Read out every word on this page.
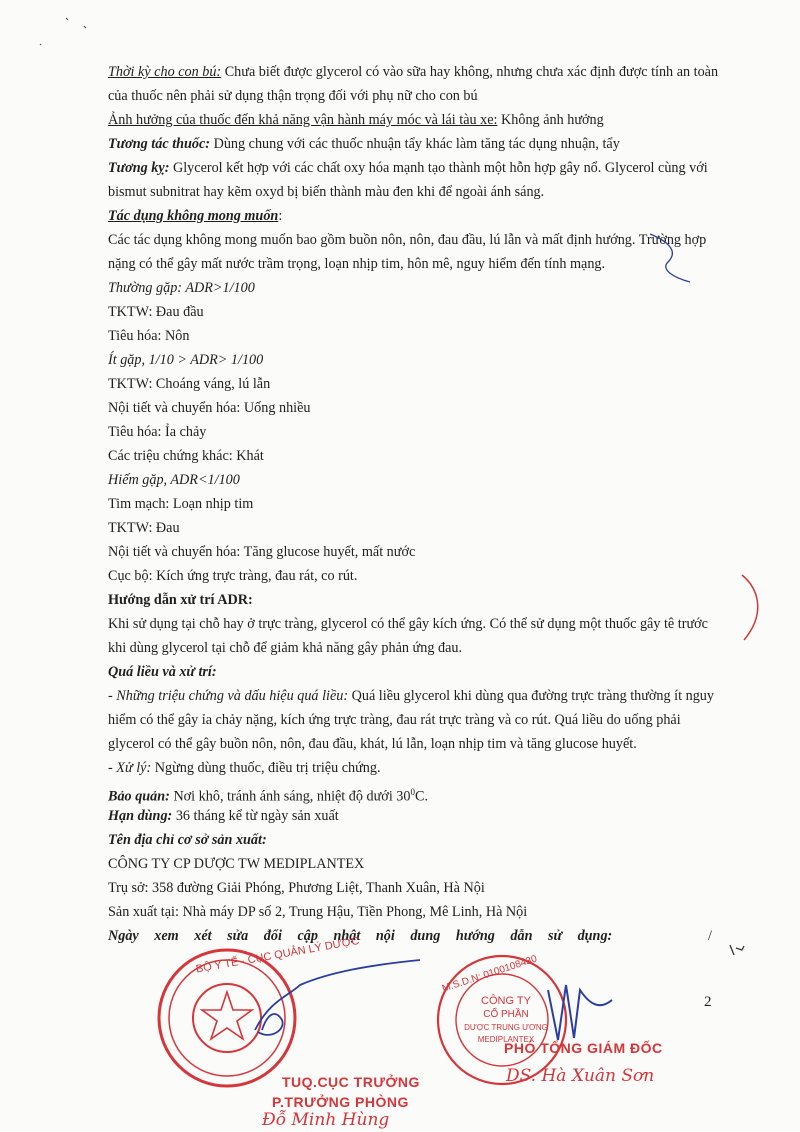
Thời kỳ cho con bú: Chưa biết được glycerol có vào sữa hay không, nhưng chưa xác định được tính an toàn
của thuốc nên phải sử dụng thận trọng đối với phụ nữ cho con bú
Ảnh hưởng của thuốc đến khả năng vận hành máy móc và lái tàu xe: Không ảnh hưởng
Tương tác thuốc: Dùng chung với các thuốc nhuận tẩy khác làm tăng tác dụng nhuận, tẩy
Tương kỵ: Glycerol kết hợp với các chất oxy hóa mạnh tạo thành một hỗn hợp gây nổ. Glycerol cùng với
bismut subnitrat hay kẽm oxyd bị biến thành màu đen khi để ngoài ánh sáng.
Tác dụng không mong muốn:
Các tác dụng không mong muốn bao gồm buồn nôn, nôn, đau đầu, lú lẫn và mất định hướng. Trường hợp
nặng có thể gây mất nước trầm trọng, loạn nhịp tim, hôn mê, nguy hiểm đến tính mạng.
Thường gặp: ADR>1/100
TKTW: Đau đầu
Tiêu hóa: Nôn
Ít gặp, 1/10 > ADR> 1/100
TKTW: Choáng váng, lú lẫn
Nội tiết và chuyển hóa: Uống nhiều
Tiêu hóa: Ỉa chảy
Các triệu chứng khác: Khát
Hiếm gặp, ADR<1/100
Tim mạch: Loạn nhịp tim
TKTW: Đau
Nội tiết và chuyển hóa: Tăng glucose huyết, mất nước
Cục bộ: Kích ứng trực tràng, đau rát, co rút.
Hướng dẫn xử trí ADR:
Khi sử dụng tại chỗ hay ở trực tràng, glycerol có thể gây kích ứng. Có thể sử dụng một thuốc gây tê trước
khi dùng glycerol tại chỗ để giảm khả năng gây phản ứng đau.
Quá liều và xử trí:
- Những triệu chứng và dấu hiệu quá liều: Quá liều glycerol khi dùng qua đường trực tràng thường ít nguy
hiểm có thể gây ỉa chảy nặng, kích ứng trực tràng, đau rát trực tràng và co rút. Quá liều do uống phải
glycerol có thể gây buồn nôn, nôn, đau đầu, khát, lú lẫn, loạn nhịp tim và tăng glucose huyết.
- Xử lý: Ngừng dùng thuốc, điều trị triệu chứng.
Bảo quản: Nơi khô, tránh ánh sáng, nhiệt độ dưới $30^0C$.
Hạn dùng: 36 tháng kể từ ngày sản xuất
Tên địa chỉ cơ sở sản xuất:
CÔNG TY CP DƯỢC TW MEDIPLANTEX
Trụ sở: 358 đường Giải Phóng, Phương Liệt, Thanh Xuân, Hà Nội
Sản xuất tại: Nhà máy DP số 2, Trung Hậu, Tiền Phong, Mê Linh, Hà Nội
Ngày xem xét sửa đổi cập nhật nội dung hướng dẫn sử dụng:	/
2
BỘ Y TẾ · CỤC QUẢN LÝ DƯỢC	M.S.D.N: 0100108430
CÔNG TY
CỔ PHẦN
DƯỢC TRUNG ƯƠNG
MEDIPLANTEX
TUQ.CỤC TRƯỞNG
P.TRƯỞNG PHÒNG
Đỗ Minh Hùng
PHÓ TỔNG GIÁM ĐỐC
DS. Hà Xuân Sơn
